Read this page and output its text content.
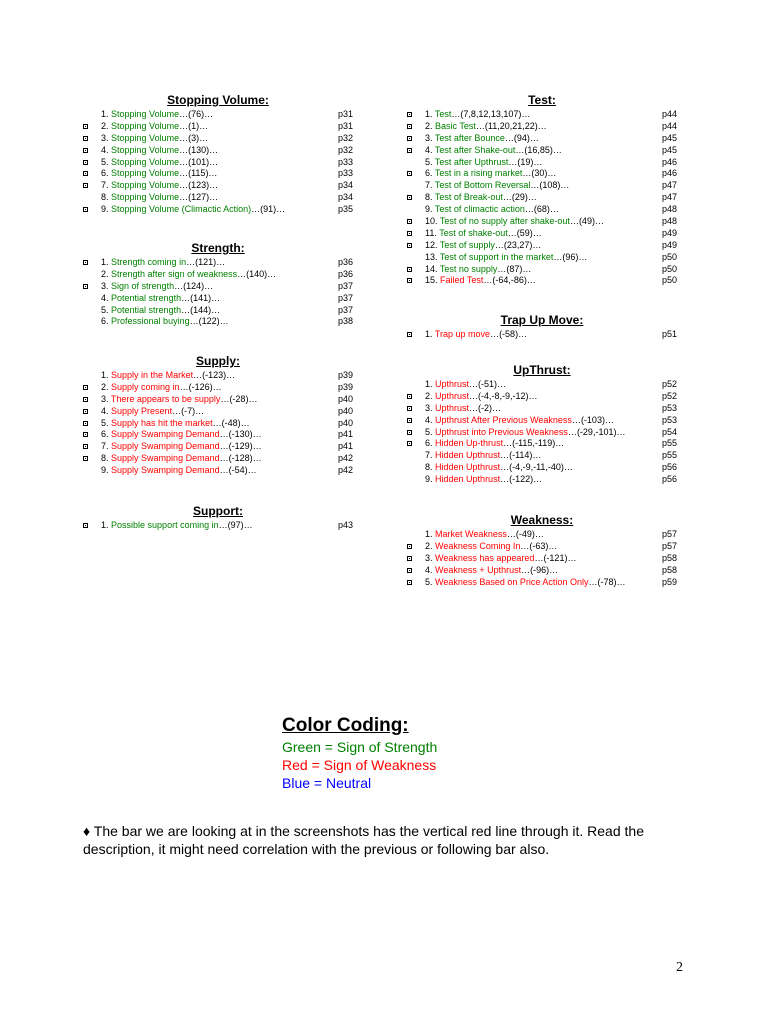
Stopping Volume:
1. Stopping Volume…(76)…	p31
2. Stopping Volume…(1)…	p31
3. Stopping Volume…(3)…	p32
4. Stopping Volume…(130)…	p32
5. Stopping Volume…(101)…	p33
6. Stopping Volume…(115)…	p33
7. Stopping Volume…(123)…	p34
8. Stopping Volume…(127)…	p34
9. Stopping Volume (Climactic Action)…(91)…	p35
Strength:
1. Strength coming in…(121)…	p36
2. Strength after sign of weakness…(140)…	p36
3. Sign of strength…(124)…	p37
4. Potential strength…(141)…	p37
5. Potential strength…(144)…	p37
6. Professional buying…(122)…	p38
Supply:
1. Supply in the Market…(-123)…	p39
2. Supply coming in…(-126)…	p39
3. There appears to be supply…(-28)…	p40
4. Supply Present…(-7)…	p40
5. Supply has hit the market…(-48)…	p40
6. Supply Swamping Demand…(-130)…	p41
7. Supply Swamping Demand…(-129)…	p41
8. Supply Swamping Demand…(-128)…	p42
9. Supply Swamping Demand…(-54)…	p42
Support:
1. Possible support coming in…(97)…	p43
Test:
1. Test…(7,8,12,13,107)…	p44
2. Basic Test…(11,20,21,22)…	p44
3. Test after Bounce…(94)…	p45
4. Test after Shake-out…(16,85)…	p45
5. Test after Upthrust…(19)…	p46
6. Test in a rising market…(30)…	p46
7. Test of Bottom Reversal…(108)…	p47
8. Test of Break-out…(29)…	p47
9. Test of climactic action…(68)…	p48
10. Test of no supply after shake-out…(49)…	p48
11. Test of shake-out…(59)…	p49
12. Test of supply…(23,27)…	p49
13. Test of support in the market…(96)…	p50
14. Test no supply…(87)…	p50
15. Failed Test…(-64,-86)…	p50
Trap Up Move:
1. Trap up move…(-58)…	p51
UpThrust:
1. Upthrust…(-51)…	p52
2. Upthrust…(-4,-8,-9,-12)…	p52
3. Upthrust…(-2)…	p53
4. Upthrust After Previous Weakness…(-103)…	p53
5. Upthrust into Previous Weakness…(-29,-101)…	p54
6. Hidden Up-thrust…(-115,-119)…	p55
7. Hidden Upthrust…(-114)…	p55
8. Hidden Upthrust…(-4,-9,-11,-40)…	p56
9. Hidden Upthrust…(-122)…	p56
Weakness:
1. Market Weakness…(-49)…	p57
2. Weakness Coming In…(-63)…	p57
3. Weakness has appeared…(-121)…	p58
4. Weakness + Upthrust…(-96)…	p58
5. Weakness Based on Price Action Only…(-78)…	p59
Color Coding:
Green = Sign of Strength
Red = Sign of Weakness
Blue = Neutral
♦ The bar we are looking at in the screenshots has the vertical red line through it. Read the description, it might need correlation with the previous or following bar also.
2
